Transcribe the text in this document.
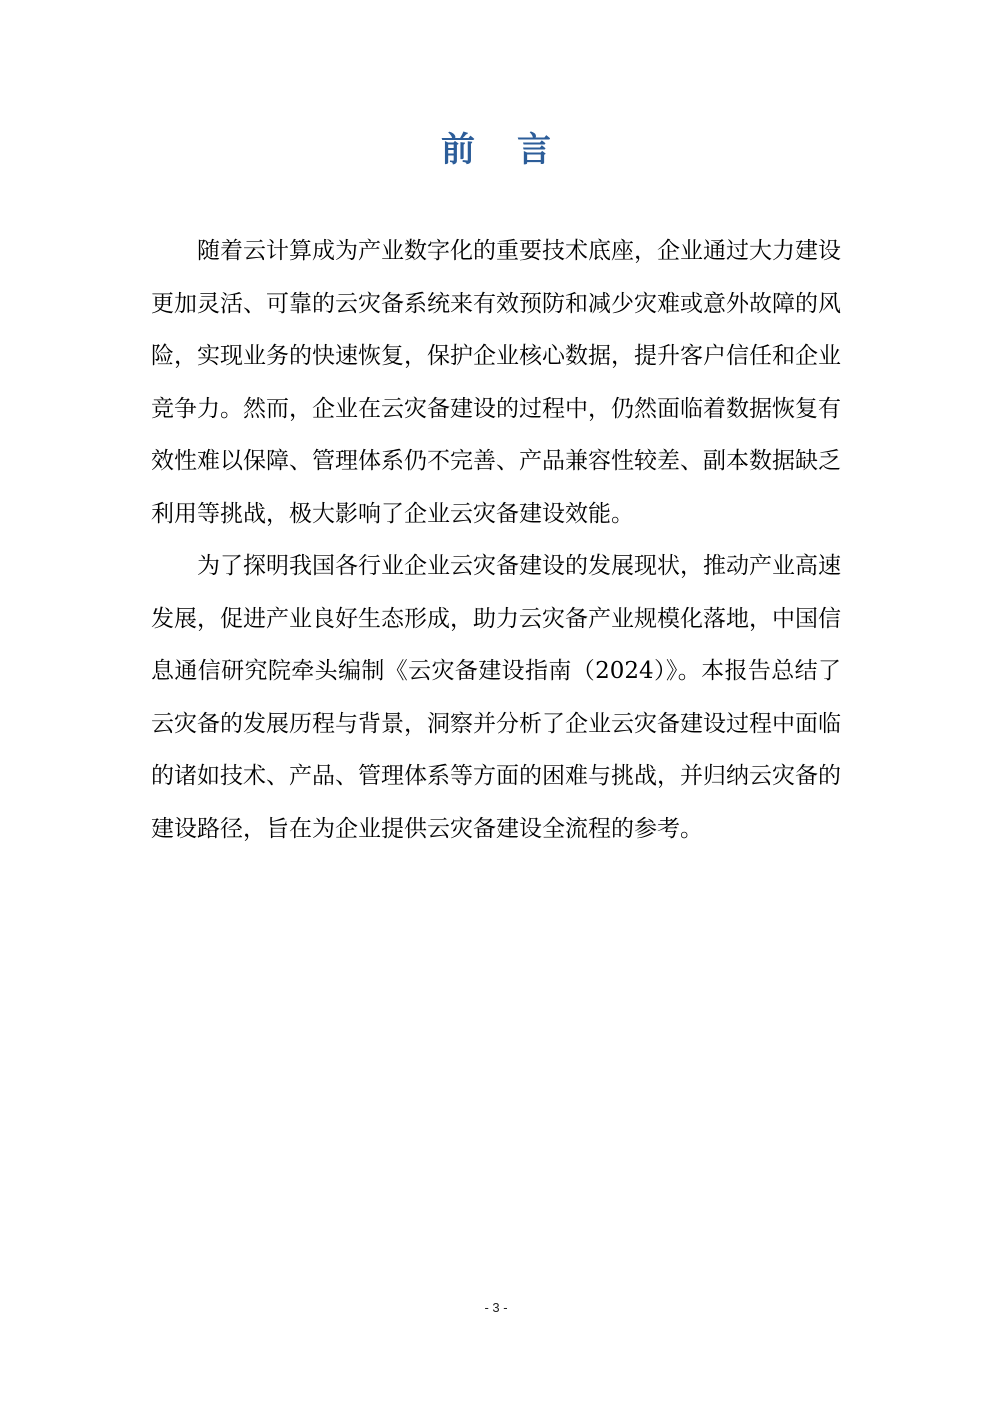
前 言

随着云计算成为产业数字化的重要技术底座，企业通过大力建设更加灵活、可靠的云灾备系统来有效预防和减少灾难或意外故障的风险，实现业务的快速恢复，保护企业核心数据，提升客户信任和企业竞争力。然而，企业在云灾备建设的过程中，仍然面临着数据恢复有效性难以保障、管理体系仍不完善、产品兼容性较差、副本数据缺乏利用等挑战，极大影响了企业云灾备建设效能。

为了探明我国各行业企业云灾备建设的发展现状，推动产业高速发展，促进产业良好生态形成，助力云灾备产业规模化落地，中国信息通信研究院牵头编制《云灾备建设指南（2024）》。本报告总结了云灾备的发展历程与背景，洞察并分析了企业云灾备建设过程中面临的诸如技术、产品、管理体系等方面的困难与挑战，并归纳云灾备的建设路径，旨在为企业提供云灾备建设全流程的参考。

- 3 -
